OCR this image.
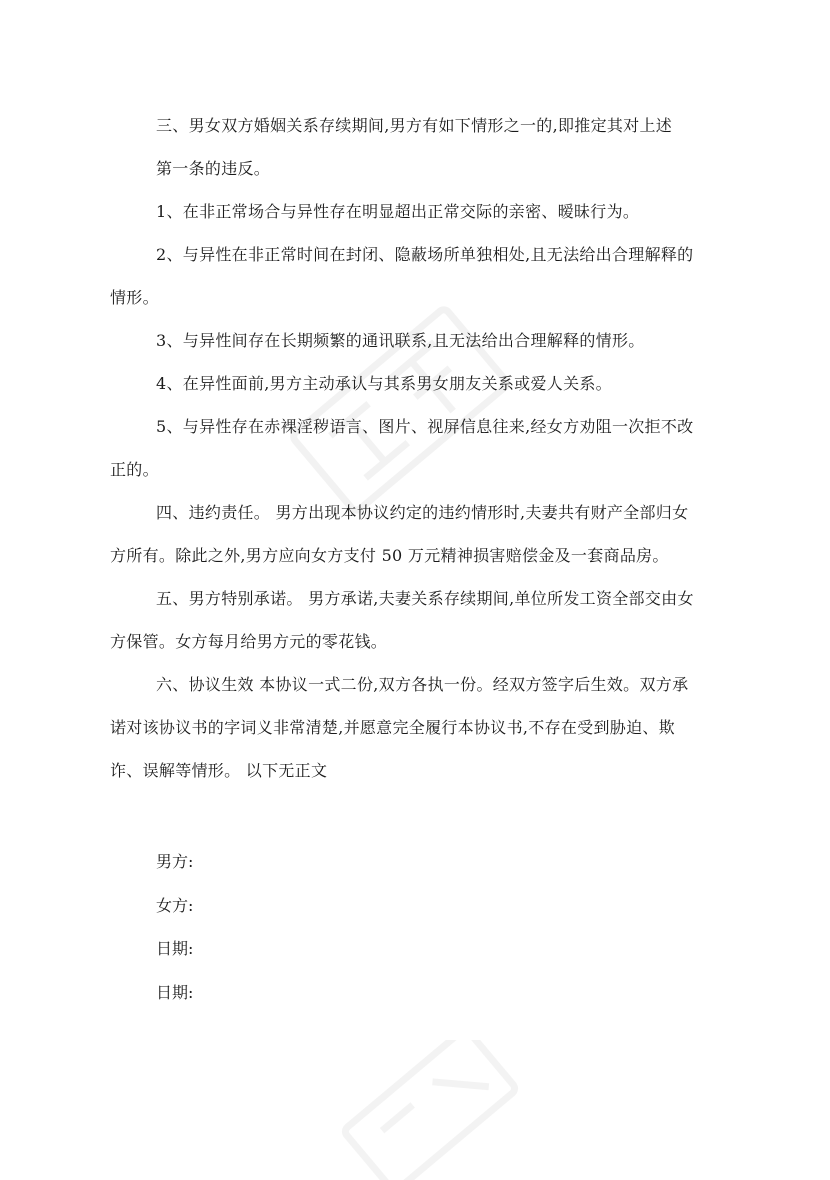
三、男女双方婚姻关系存续期间,男方有如下情形之一的,即推定其对上述
第一条的违反。
1、在非正常场合与异性存在明显超出正常交际的亲密、暧昧行为。
2、与异性在非正常时间在封闭、隐蔽场所单独相处,且无法给出合理解释的
情形。
3、与异性间存在长期频繁的通讯联系,且无法给出合理解释的情形。
4、在异性面前,男方主动承认与其系男女朋友关系或爱人关系。
5、与异性存在赤裸淫秽语言、图片、视屏信息往来,经女方劝阻一次拒不改
正的。
四、违约责任。 男方出现本协议约定的违约情形时,夫妻共有财产全部归女
方所有。除此之外,男方应向女方支付 50 万元精神损害赔偿金及一套商品房。
五、男方特别承诺。 男方承诺,夫妻关系存续期间,单位所发工资全部交由女
方保管。女方每月给男方元的零花钱。
六、协议生效 本协议一式二份,双方各执一份。经双方签字后生效。双方承
诺对该协议书的字词义非常清楚,并愿意完全履行本协议书,不存在受到胁迫、欺
诈、误解等情形。 以下无正文
男方:
女方:
日期:
日期:
